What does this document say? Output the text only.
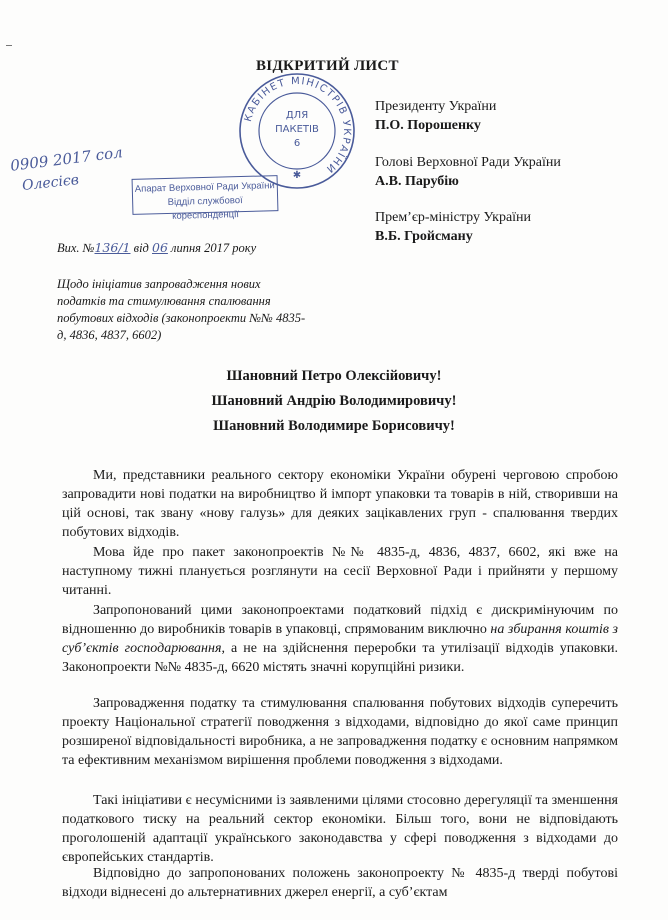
ВІДКРИТИЙ ЛИСТ
КАБІНЕТ МІНІСТРІВ УКРАЇНИ
ДЛЯ
ПАКЕТІВ
6
✱
Президенту України
П.О. Порошенку
Голові Верховної Ради України
А.В. Парубію
Прем’єр-міністру України
В.Б. Гройсману
0909 2017 сол
Олесієв	Апарат Верховної Ради України
Відділ службової кореспонденції
Вих. №136/1 від 06 липня 2017 року
Щодо ініціатив запровадження нових податків та стимулювання спалювання побутових відходів (законопроекти №№ 4835-д, 4836, 4837, 6602)
Шановний Петро Олексійовичу!
Шановний Андрію Володимировичу!
Шановний Володимире Борисовичу!
Ми, представники реального сектору економіки України обурені черговою спробою запровадити нові податки на виробництво й імпорт упаковки та товарів в ній, створивши на цій основі, так звану «нову галузь» для деяких зацікавлених груп - спалювання твердих побутових відходів.
Мова йде про пакет законопроектів №№ 4835-д, 4836, 4837, 6602, які вже на наступному тижні планується розглянути на сесії Верховної Ради і прийняти у першому читанні.
Запропонований цими законопроектами податковий підхід є дискримінуючим по відношенню до виробників товарів в упаковці, спрямованим виключно на збирання коштів з суб’єктів господарювання, а не на здійснення переробки та утилізації відходів упаковки. Законопроекти №№ 4835-д, 6620 містять значні корупційні ризики.
Запровадження податку та стимулювання спалювання побутових відходів суперечить проекту Національної стратегії поводження з відходами, відповідно до якої саме принцип розширеної відповідальності виробника, а не запровадження податку є основним напрямком та ефективним механізмом вирішення проблеми поводження з відходами.
Такі ініціативи є несумісними із заявленими цілями стосовно дерегуляції та зменшення податкового тиску на реальний сектор економіки. Більш того, вони не відповідають проголошеній адаптації українського законодавства у сфері поводження з відходами до європейських стандартів.
Відповідно до запропонованих положень законопроекту № 4835-д тверді побутові відходи віднесені до альтернативних джерел енергії, а суб’єктам
